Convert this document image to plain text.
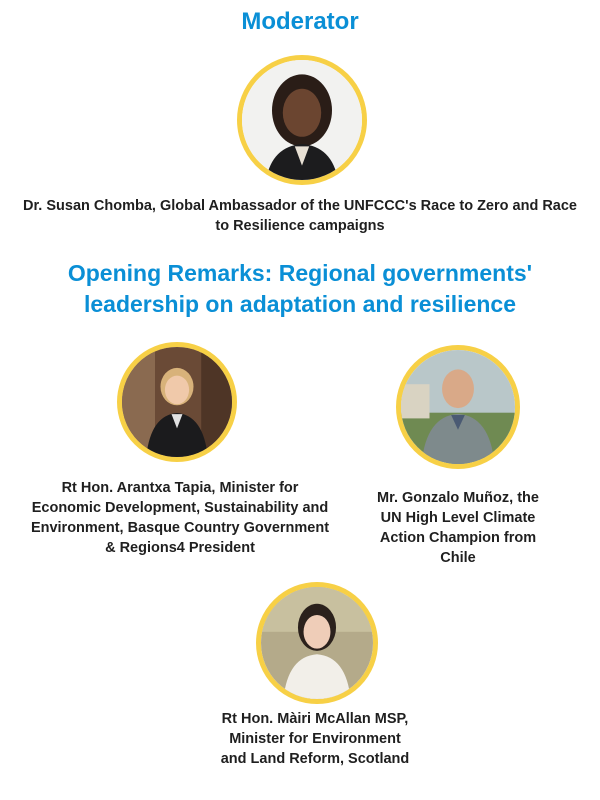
Moderator

Dr. Susan Chomba, Global Ambassador of the UNFCCC's Race to Zero and Race to Resilience campaigns

Opening Remarks: Regional governments' leadership on adaptation and resilience

Rt Hon. Arantxa Tapia, Minister for Economic Development, Sustainability and Environment, Basque Country Government & Regions4 President

Mr. Gonzalo Muñoz, the UN High Level Climate Action Champion from Chile

Rt Hon. Màiri McAllan MSP, Minister for Environment and Land Reform, Scotland
